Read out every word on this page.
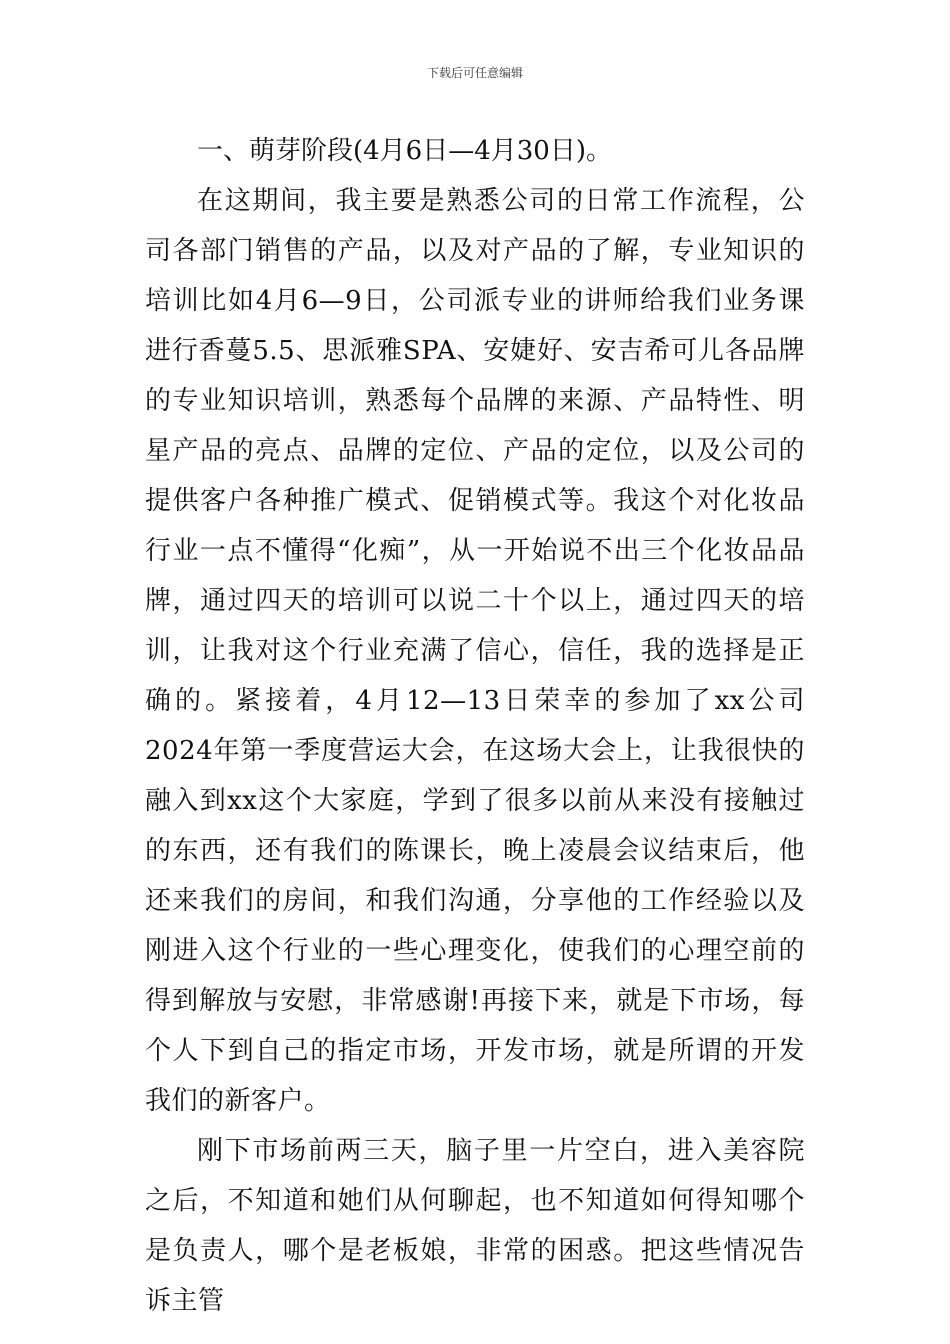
下载后可任意编辑

一、萌芽阶段(4月6日—4月30日)。

在这期间，我主要是熟悉公司的日常工作流程，公司各部门销售的产品，以及对产品的了解，专业知识的培训比如4月6—9日，公司派专业的讲师给我们业务课进行香蔓5.5、思派雅SPA、安婕好、安吉希可儿各品牌的专业知识培训，熟悉每个品牌的来源、产品特性、明星产品的亮点、品牌的定位、产品的定位，以及公司的提供客户各种推广模式、促销模式等。我这个对化妆品行业一点不懂得“化痴”，从一开始说不出三个化妆品品牌，通过四天的培训可以说二十个以上，通过四天的培训，让我对这个行业充满了信心，信任，我的选择是正确的。紧接着，4月12—13日荣幸的参加了xx公司2024年第一季度营运大会，在这场大会上，让我很快的融入到xx这个大家庭，学到了很多以前从来没有接触过的东西，还有我们的陈课长，晚上凌晨会议结束后，他还来我们的房间，和我们沟通，分享他的工作经验以及刚进入这个行业的一些心理变化，使我们的心理空前的得到解放与安慰，非常感谢!再接下来，就是下市场，每个人下到自己的指定市场，开发市场，就是所谓的开发我们的新客户。

刚下市场前两三天，脑子里一片空白，进入美容院之后，不知道和她们从何聊起，也不知道如何得知哪个是负责人，哪个是老板娘，非常的困惑。把这些情况告诉主管
